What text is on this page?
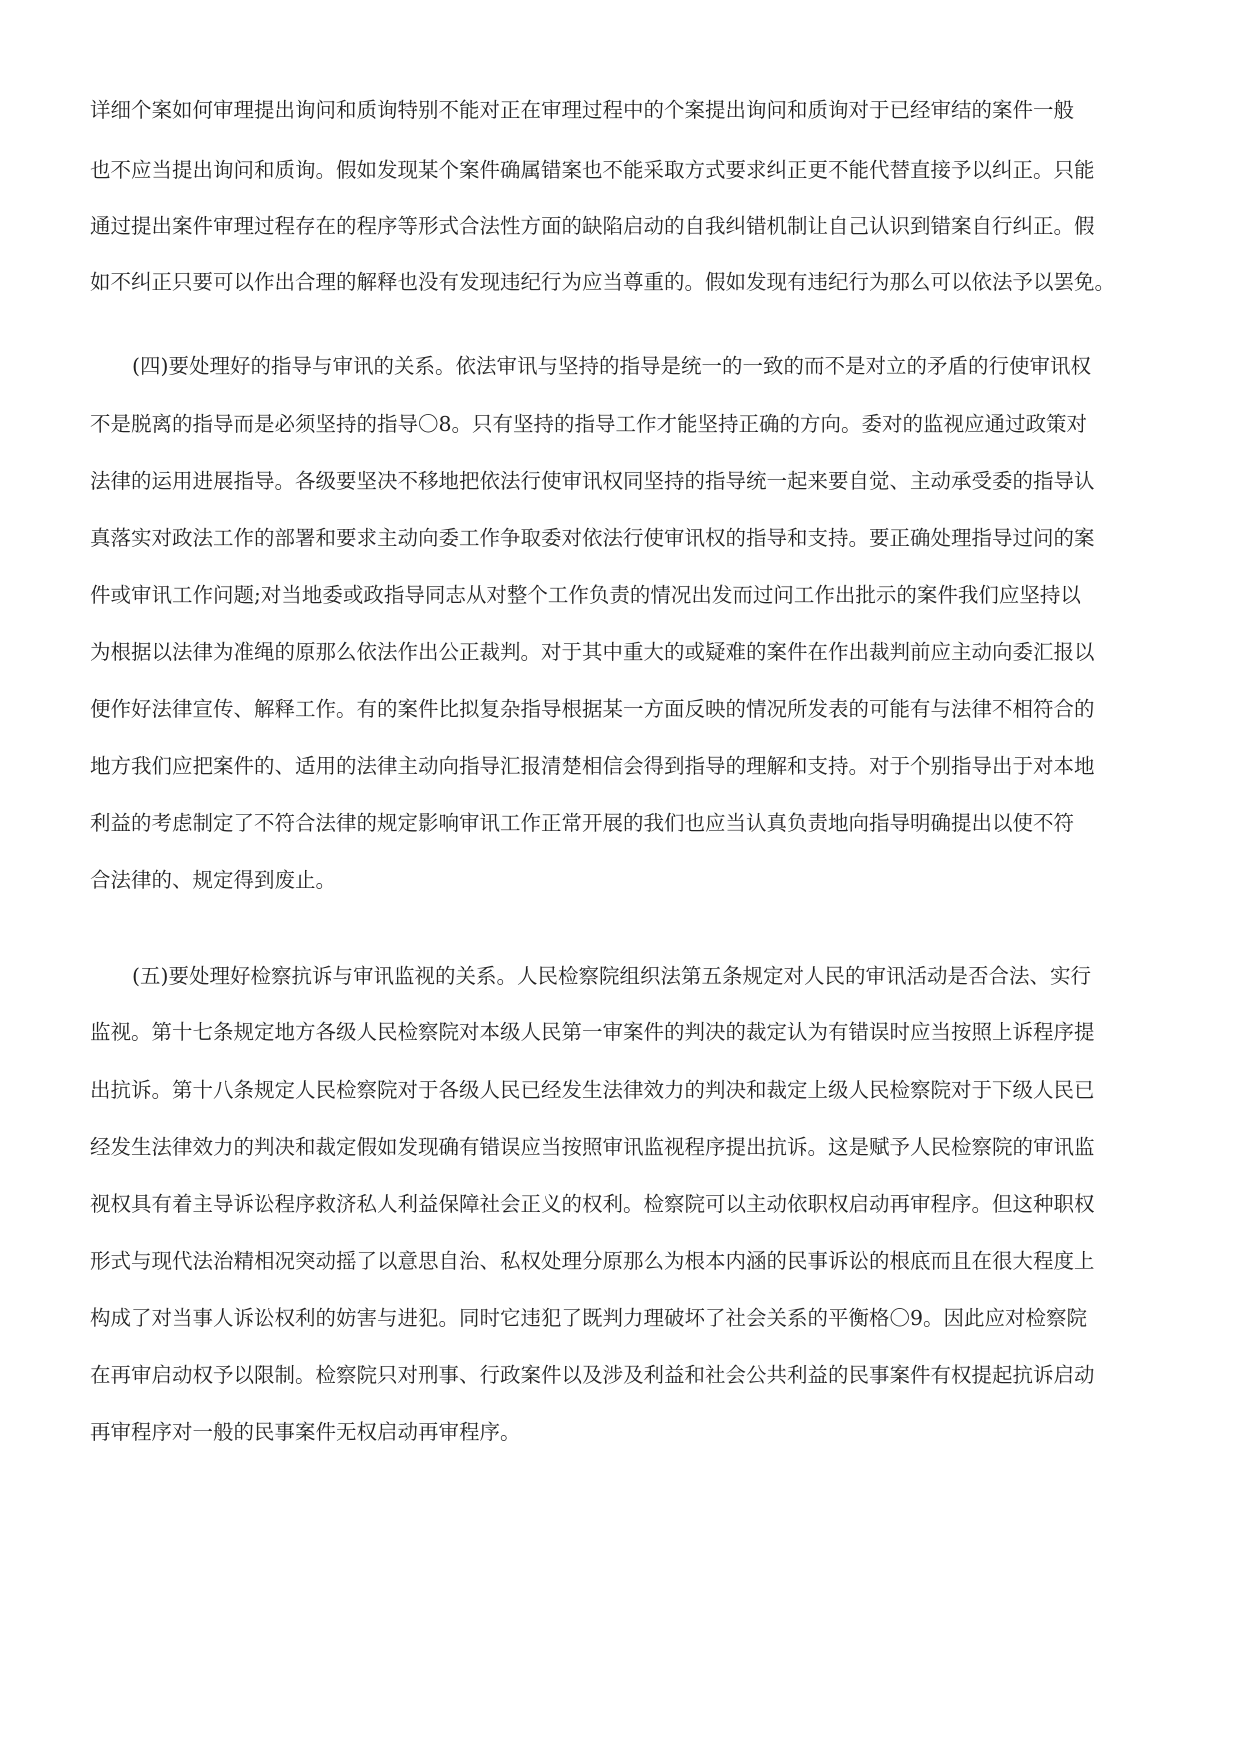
详细个案如何审理提出询问和质询特别不能对正在审理过程中的个案提出询问和质询对于已经审结的案件一般
也不应当提出询问和质询。假如发现某个案件确属错案也不能采取方式要求纠正更不能代替直接予以纠正。只能
通过提出案件审理过程存在的程序等形式合法性方面的缺陷启动的自我纠错机制让自己认识到错案自行纠正。假
如不纠正只要可以作出合理的解释也没有发现违纪行为应当尊重的。假如发现有违纪行为那么可以依法予以罢免。
(四)要处理好的指导与审讯的关系。依法审讯与坚持的指导是统一的一致的而不是对立的矛盾的行使审讯权
不是脱离的指导而是必须坚持的指导〇8。只有坚持的指导工作才能坚持正确的方向。委对的监视应通过政策对
法律的运用进展指导。各级要坚决不移地把依法行使审讯权同坚持的指导统一起来要自觉、主动承受委的指导认
真落实对政法工作的部署和要求主动向委工作争取委对依法行使审讯权的指导和支持。要正确处理指导过问的案
件或审讯工作问题;对当地委或政指导同志从对整个工作负责的情况出发而过问工作出批示的案件我们应坚持以
为根据以法律为准绳的原那么依法作出公正裁判。对于其中重大的或疑难的案件在作出裁判前应主动向委汇报以
便作好法律宣传、解释工作。有的案件比拟复杂指导根据某一方面反映的情况所发表的可能有与法律不相符合的
地方我们应把案件的、适用的法律主动向指导汇报清楚相信会得到指导的理解和支持。对于个别指导出于对本地
利益的考虑制定了不符合法律的规定影响审讯工作正常开展的我们也应当认真负责地向指导明确提出以使不符
合法律的、规定得到废止。
(五)要处理好检察抗诉与审讯监视的关系。人民检察院组织法第五条规定对人民的审讯活动是否合法、实行
监视。第十七条规定地方各级人民检察院对本级人民第一审案件的判决的裁定认为有错误时应当按照上诉程序提
出抗诉。第十八条规定人民检察院对于各级人民已经发生法律效力的判决和裁定上级人民检察院对于下级人民已
经发生法律效力的判决和裁定假如发现确有错误应当按照审讯监视程序提出抗诉。这是赋予人民检察院的审讯监
视权具有着主导诉讼程序救济私人利益保障社会正义的权利。检察院可以主动依职权启动再审程序。但这种职权
形式与现代法治精相况突动摇了以意思自治、私权处理分原那么为根本内涵的民事诉讼的根底而且在很大程度上
构成了对当事人诉讼权利的妨害与进犯。同时它违犯了既判力理破坏了社会关系的平衡格〇9。因此应对检察院
在再审启动权予以限制。检察院只对刑事、行政案件以及涉及利益和社会公共利益的民事案件有权提起抗诉启动
再审程序对一般的民事案件无权启动再审程序。
